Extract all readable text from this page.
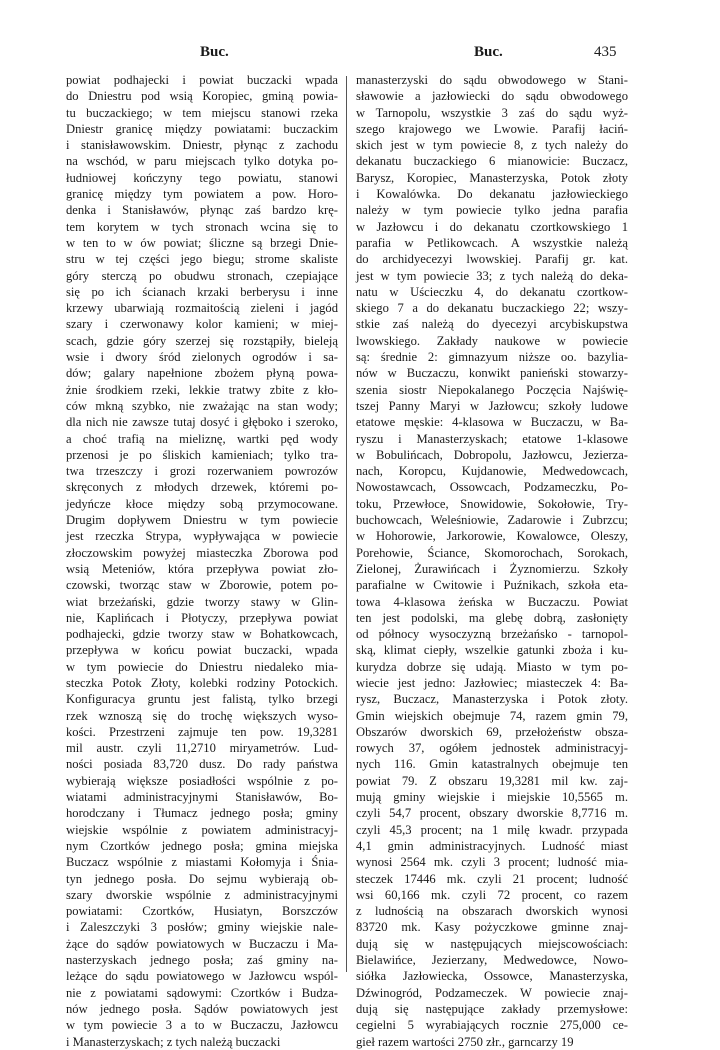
Buc.	Buc.	435
powiat podhajecki i powiat buczacki wpada
do Dniestru pod wsią Koropiec, gminą powia-
tu buczackiego; w tem miejscu stanowi rzeka
Dniestr granicę między powiatami: buczackim
i stanisławowskim. Dniestr, płynąc z zachodu
na wschód, w paru miejscach tylko dotyka po-
łudniowej kończyny tego powiatu, stanowi
granicę między tym powiatem a pow. Horo-
denka i Stanisławów, płynąc zaś bardzo krę-
tem korytem w tych stronach wcina się to
w ten to w ów powiat; śliczne są brzegi Dnie-
stru w tej części jego biegu; strome skaliste
góry sterczą po obudwu stronach, czepiające
się po ich ścianach krzaki berberysu i inne
krzewy ubarwiają rozmaitością zieleni i jagód
szary i czerwonawy kolor kamieni; w miej-
scach, gdzie góry szerzej się rozstąpiły, bieleją
wsie i dwory śród zielonych ogrodów i sa-
dów; galary napełnione zbożem płyną powa-
żnie środkiem rzeki, lekkie tratwy zbite z kło-
ców mkną szybko, nie zważając na stan wody;
dla nich nie zawsze tutaj dosyć i głęboko i szeroko,
a choć trafią na mieliznę, wartki pęd wody
przenosi je po śliskich kamieniach; tylko tra-
twa trzeszczy i grozi rozerwaniem powrozów
skręconych z młodych drzewek, któremi po-
jedyńcze kłoce między sobą przymocowane.
Drugim dopływem Dniestru w tym powiecie
jest rzeczka Strypa, wypływająca w powiecie
złoczowskim powyżej miasteczka Zborowa pod
wsią Meteniów, która przepływa powiat zło-
czowski, tworząc staw w Zborowie, potem po-
wiat brzeżański, gdzie tworzy stawy w Glin-
nie, Kaplińcach i Płotyczy, przepływa powiat
podhajecki, gdzie tworzy staw w Bohatkowcach,
przepływa w końcu powiat buczacki, wpada
w tym powiecie do Dniestru niedaleko mia-
steczka Potok Złoty, kolebki rodziny Potockich.
Konfiguracya gruntu jest falistą, tylko brzegi
rzek wznoszą się do trochę większych wyso-
kości. Przestrzeni zajmuje ten pow. 19,3281
mil austr. czyli 11,2710 miryametrów. Lud-
ności posiada 83,720 dusz. Do rady państwa
wybierają większe posiadłości wspólnie z po-
wiatami administracyjnymi Stanisławów, Bo-
horodczany i Tłumacz jednego posła; gminy
wiejskie wspólnie z powiatem administracyj-
nym Czortków jednego posła; gmina miejska
Buczacz wspólnie z miastami Kołomyja i Śnia-
tyn jednego posła. Do sejmu wybierają ob-
szary dworskie wspólnie z administracyjnymi
powiatami: Czortków, Husiatyn, Borszczów
i Zaleszczyki 3 posłów; gminy wiejskie nale-
żące do sądów powiatowych w Buczaczu i Ma-
nasterzyskach jednego posła; zaś gminy na-
leżące do sądu powiatowego w Jazłowcu wspól-
nie z powiatami sądowymi: Czortków i Budza-
nów jednego posła. Sądów powiatowych jest
w tym powiecie 3 a to w Buczaczu, Jazłowcu
i Manasterzyskach; z tych należą buczacki
manasterzyski do sądu obwodowego w Stani-
sławowie a jazłowiecki do sądu obwodowego
w Tarnopolu, wszystkie 3 zaś do sądu wyż-
szego krajowego we Lwowie. Parafij łaciń-
skich jest w tym powiecie 8, z tych należy do
dekanatu buczackiego 6 mianowicie: Buczacz,
Barysz, Koropiec, Manasterzyska, Potok złoty
i Kowalówka. Do dekanatu jazłowieckiego
należy w tym powiecie tylko jedna parafia
w Jazłowcu i do dekanatu czortkowskiego 1
parafia w Petlikowcach. A wszystkie należą
do archidyecezyi lwowskiej. Parafij gr. kat.
jest w tym powiecie 33; z tych należą do deka-
natu w Uścieczku 4, do dekanatu czortkow-
skiego 7 a do dekanatu buczackiego 22; wszy-
stkie zaś należą do dyecezyi arcybiskupstwa
lwowskiego. Zakłady naukowe w powiecie
są: średnie 2: gimnazyum niższe oo. bazylia-
nów w Buczaczu, konwikt panieński stowarzy-
szenia siostr Niepokalanego Poczęcia Najświę-
tszej Panny Maryi w Jazłowcu; szkoły ludowe
etatowe męskie: 4-klasowa w Buczaczu, w Ba-
ryszu i Manasterzyskach; etatowe 1-klasowe
w Bobulińcach, Dobropolu, Jazłowcu, Jezierza-
nach, Koropcu, Kujdanowie, Medwedowcach,
Nowostawcach, Ossowcach, Podzameczku, Po-
toku, Przewłoce, Snowidowie, Sokołowie, Try-
buchowcach, Weleśniowie, Zadarowie i Zubrzcu;
w Hohorowie, Jarkorowie, Kowalowce, Oleszy,
Porehowie, Ściance, Skomorochach, Sorokach,
Zielonej, Żurawińcach i Żyznomierzu. Szkoły
parafialne w Cwitowie i Puźnikach, szkoła eta-
towa 4-klasowa żeńska w Buczaczu. Powiat
ten jest podolski, ma glebę dobrą, zasłonięty
od północy wysoczyzną brzeżańsko - tarnopol-
ską, klimat ciepły, wszelkie gatunki zboża i ku-
kurydza dobrze się udają. Miasto w tym po-
wiecie jest jedno: Jazłowiec; miasteczek 4: Ba-
rysz, Buczacz, Manasterzyska i Potok złoty.
Gmin wiejskich obejmuje 74, razem gmin 79,
Obszarów dworskich 69, przełożeństw obsza-
rowych 37, ogółem jednostek administracyj-
nych 116. Gmin katastralnych obejmuje ten
powiat 79. Z obszaru 19,3281 mil kw. zaj-
mują gminy wiejskie i miejskie 10,5565 m.
czyli 54,7 procent, obszary dworskie 8,7716 m.
czyli 45,3 procent; na 1 milę kwadr. przypada
4,1 gmin administracyjnych. Ludność miast
wynosi 2564 mk. czyli 3 procent; ludność mia-
steczek 17446 mk. czyli 21 procent; ludność
wsi 60,166 mk. czyli 72 procent, co razem
z ludnością na obszarach dworskich wynosi
83720 mk. Kasy pożyczkowe gminne znaj-
dują się w następujących miejscowościach:
Bielawińce, Jezierzany, Medwedowce, Nowo-
siółka Jazłowiecka, Ossowce, Manasterzyska,
Dźwinogród, Podzameczek. W powiecie znaj-
dują się następujące zakłady przemysłowe:
cegielni 5 wyrabiających rocznie 275,000 ce-
gieł razem wartości 2750 złr., garncarzy 19
